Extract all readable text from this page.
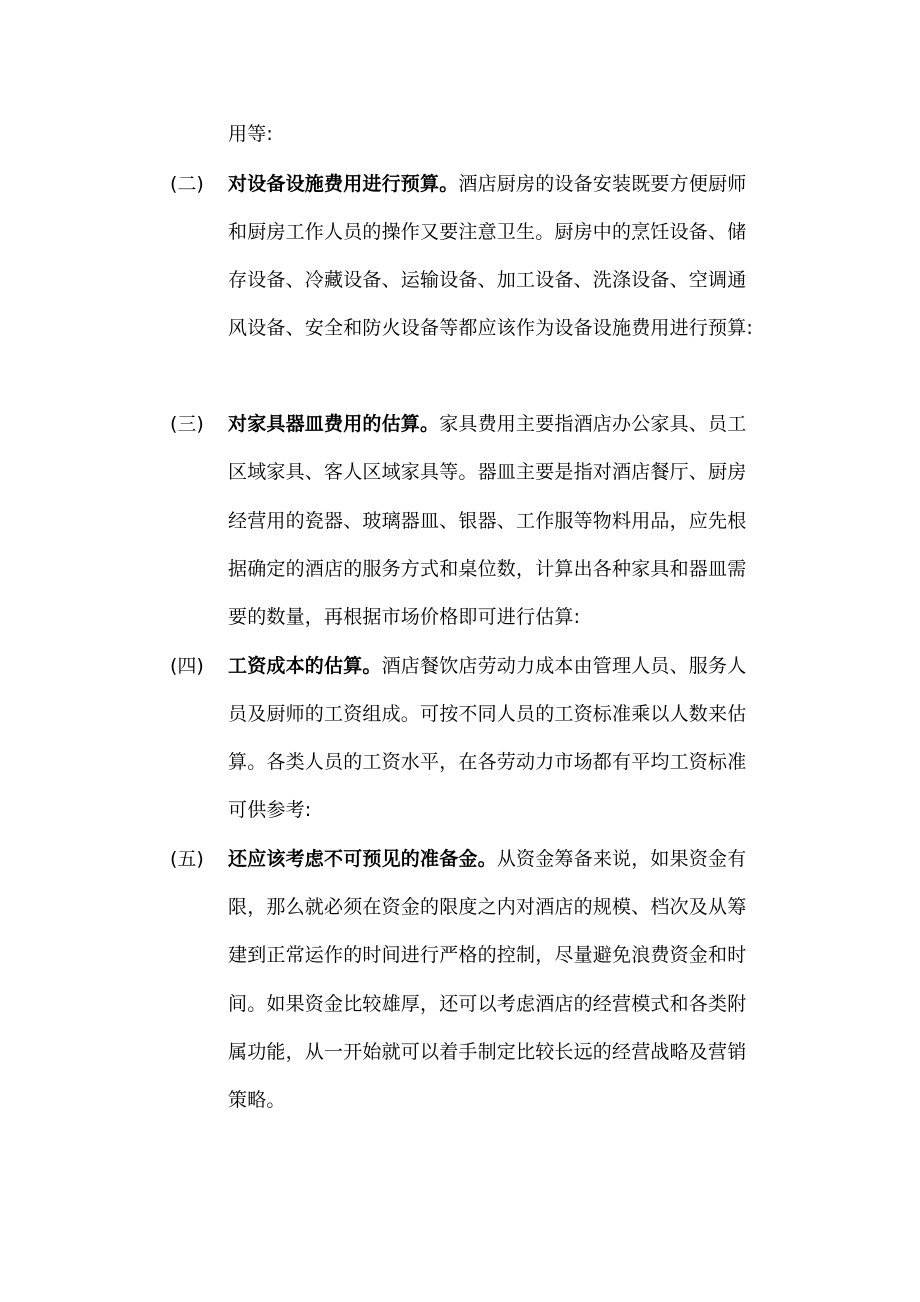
用等:
(二) 对设备设施费用进行预算。酒店厨房的设备安装既要方便厨师
和厨房工作人员的操作又要注意卫生。厨房中的烹饪设备、储
存设备、冷藏设备、运输设备、加工设备、洗涤设备、空调通
风设备、安全和防火设备等都应该作为设备设施费用进行预算:
(三) 对家具器皿费用的估算。家具费用主要指酒店办公家具、员工
区域家具、客人区域家具等。器皿主要是指对酒店餐厅、厨房
经营用的瓷器、玻璃器皿、银器、工作服等物料用品，应先根
据确定的酒店的服务方式和桌位数，计算出各种家具和器皿需
要的数量，再根据市场价格即可进行估算:
(四) 工资成本的估算。酒店餐饮店劳动力成本由管理人员、服务人
员及厨师的工资组成。可按不同人员的工资标准乘以人数来估
算。各类人员的工资水平，在各劳动力市场都有平均工资标准
可供参考:
(五) 还应该考虑不可预见的准备金。从资金筹备来说，如果资金有
限，那么就必须在资金的限度之内对酒店的规模、档次及从筹
建到正常运作的时间进行严格的控制，尽量避免浪费资金和时
间。如果资金比较雄厚，还可以考虑酒店的经营模式和各类附
属功能，从一开始就可以着手制定比较长远的经营战略及营销
策略。
